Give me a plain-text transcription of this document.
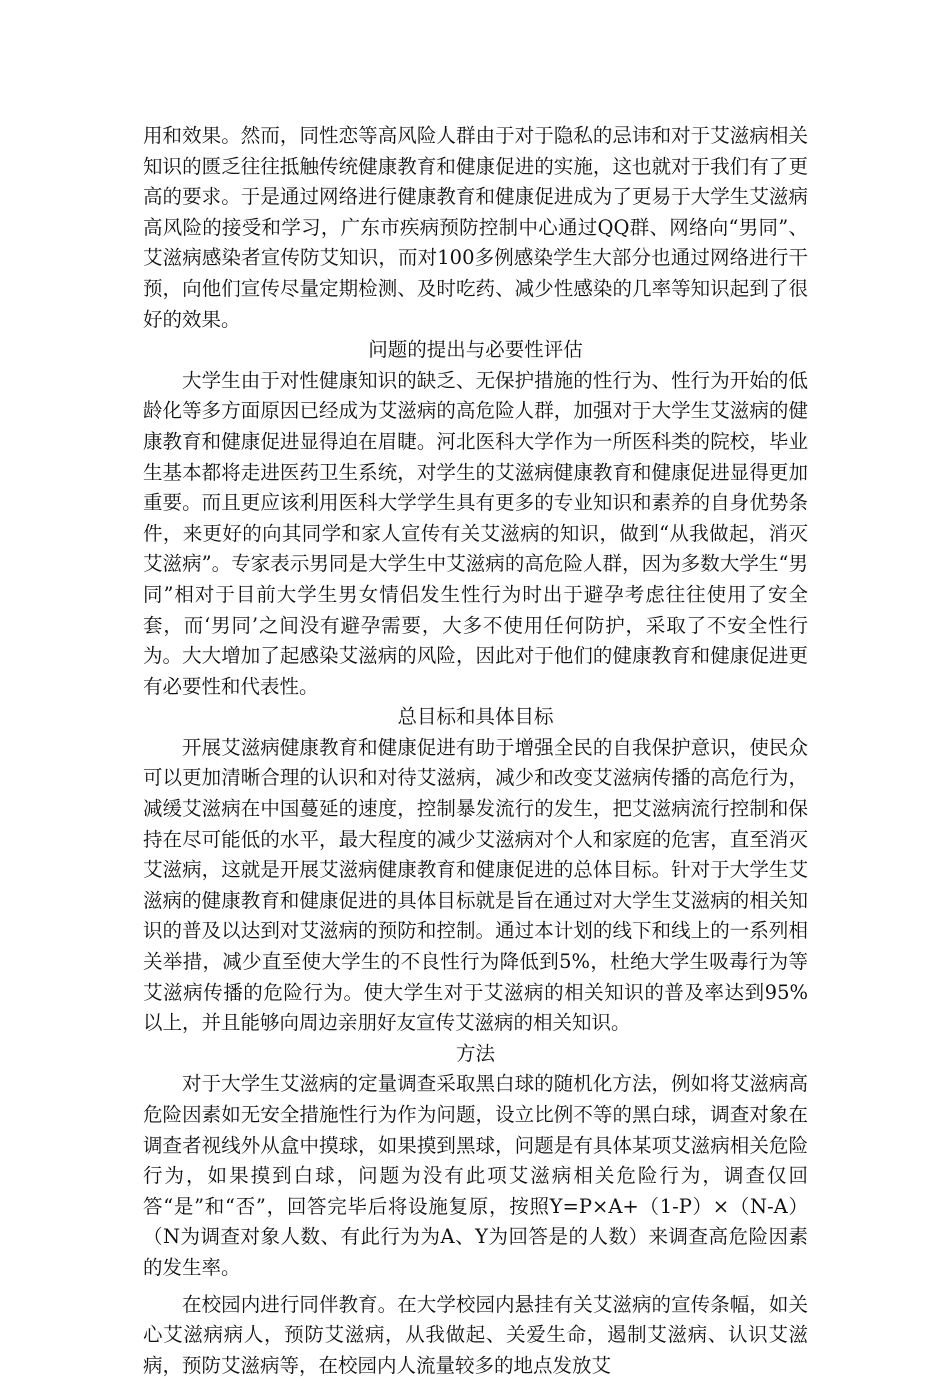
用和效果。然而，同性恋等高风险人群由于对于隐私的忌讳和对于艾滋病相关知识的匮乏往往抵触传统健康教育和健康促进的实施，这也就对于我们有了更高的要求。于是通过网络进行健康教育和健康促进成为了更易于大学生艾滋病高风险的接受和学习，广东市疾病预防控制中心通过QQ群、网络向“男同”、艾滋病感染者宣传防艾知识，而对100多例感染学生大部分也通过网络进行干预，向他们宣传尽量定期检测、及时吃药、减少性感染的几率等知识起到了很好的效果。

问题的提出与必要性评估

大学生由于对性健康知识的缺乏、无保护措施的性行为、性行为开始的低龄化等多方面原因已经成为艾滋病的高危险人群，加强对于大学生艾滋病的健康教育和健康促进显得迫在眉睫。河北医科大学作为一所医科类的院校，毕业生基本都将走进医药卫生系统，对学生的艾滋病健康教育和健康促进显得更加重要。而且更应该利用医科大学学生具有更多的专业知识和素养的自身优势条件，来更好的向其同学和家人宣传有关艾滋病的知识，做到“从我做起，消灭艾滋病”。专家表示男同是大学生中艾滋病的高危险人群，因为多数大学生“男同”相对于目前大学生男女情侣发生性行为时出于避孕考虑往往使用了安全套，而‘男同’之间没有避孕需要，大多不使用任何防护，采取了不安全性行为。大大增加了起感染艾滋病的风险，因此对于他们的健康教育和健康促进更有必要性和代表性。

总目标和具体目标

开展艾滋病健康教育和健康促进有助于增强全民的自我保护意识，使民众可以更加清晰合理的认识和对待艾滋病，减少和改变艾滋病传播的高危行为，减缓艾滋病在中国蔓延的速度，控制暴发流行的发生，把艾滋病流行控制和保持在尽可能低的水平，最大程度的减少艾滋病对个人和家庭的危害，直至消灭艾滋病，这就是开展艾滋病健康教育和健康促进的总体目标。针对于大学生艾滋病的健康教育和健康促进的具体目标就是旨在通过对大学生艾滋病的相关知识的普及以达到对艾滋病的预防和控制。通过本计划的线下和线上的一系列相关举措，减少直至使大学生的不良性行为降低到5%，杜绝大学生吸毒行为等艾滋病传播的危险行为。使大学生对于艾滋病的相关知识的普及率达到95%以上，并且能够向周边亲朋好友宣传艾滋病的相关知识。

方法

对于大学生艾滋病的定量调查采取黑白球的随机化方法，例如将艾滋病高危险因素如无安全措施性行为作为问题，设立比例不等的黑白球，调查对象在调查者视线外从盒中摸球，如果摸到黑球，问题是有具体某项艾滋病相关危险行为，如果摸到白球，问题为没有此项艾滋病相关危险行为，调查仅回答“是”和“否”，回答完毕后将设施复原，按照Y=P×A+（1-P）×（N-A）（N为调查对象人数、有此行为为A、Y为回答是的人数）来调查高危险因素的发生率。

在校园内进行同伴教育。在大学校园内悬挂有关艾滋病的宣传条幅，如关心艾滋病病人，预防艾滋病，从我做起、关爱生命，遏制艾滋病、认识艾滋病，预防艾滋病等，在校园内人流量较多的地点发放艾
